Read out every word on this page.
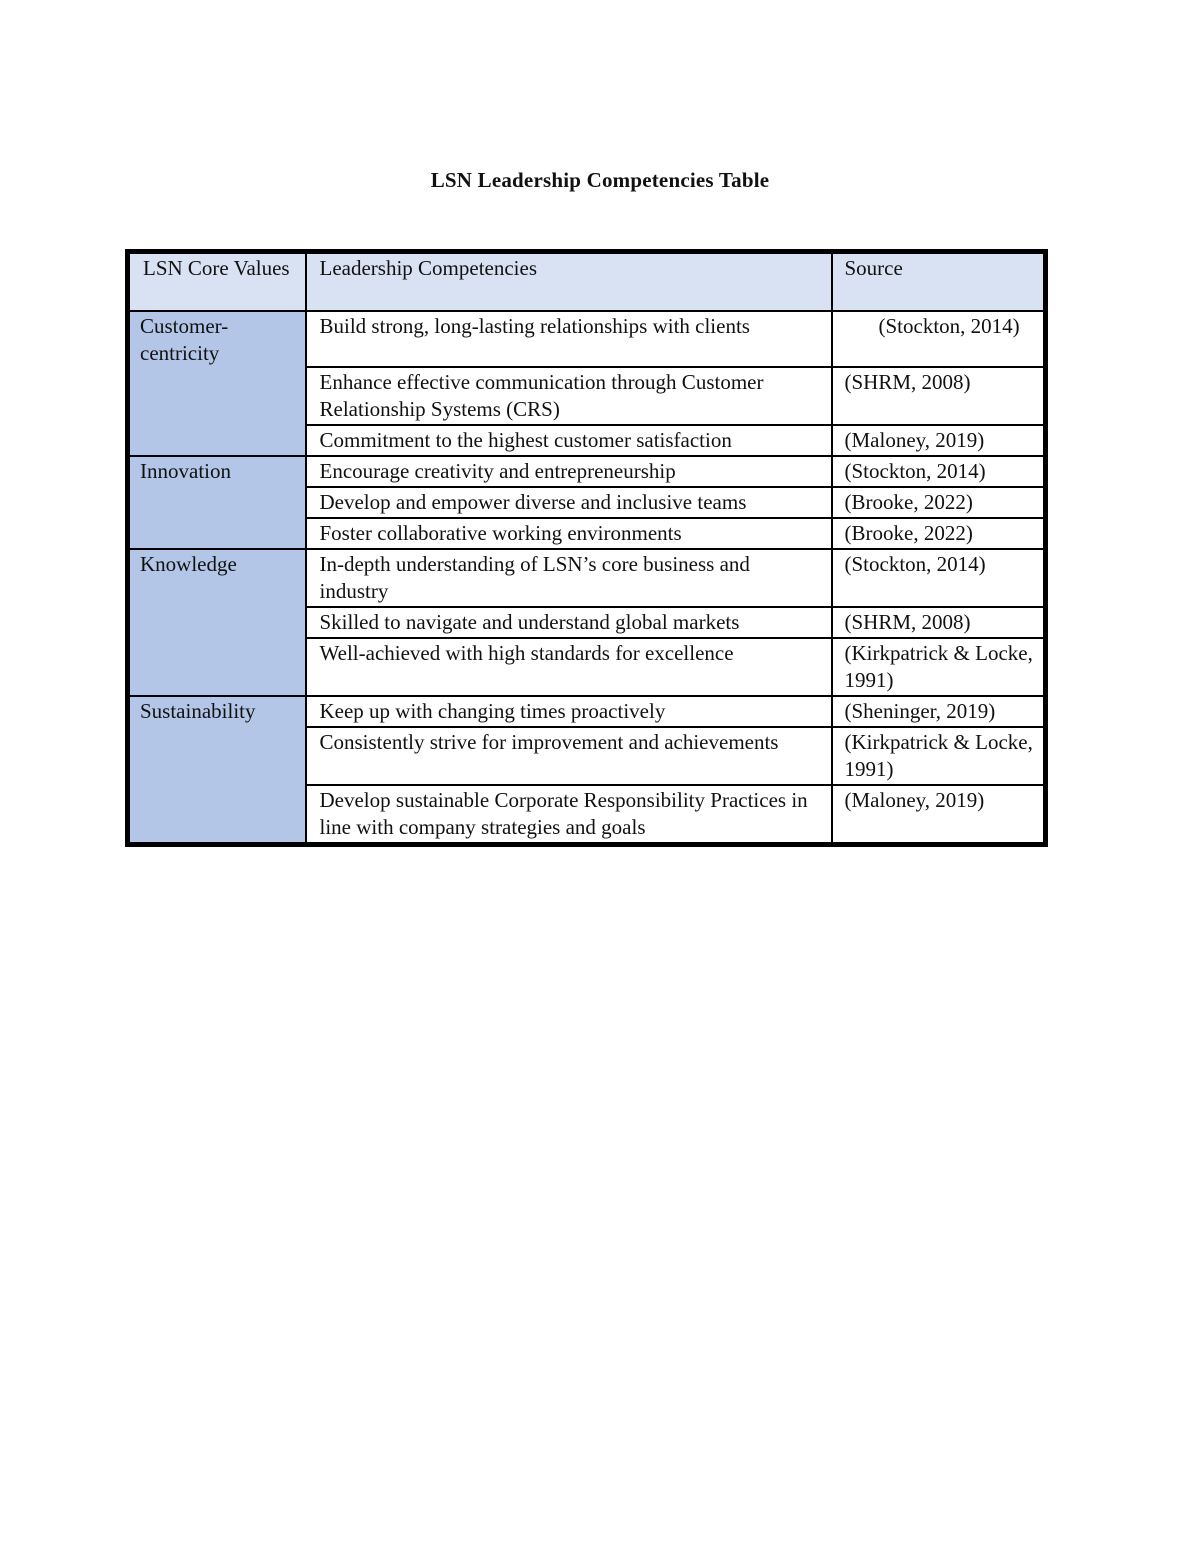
LSN Leadership Competencies Table
LSN Core Values	Leadership Competencies	Source
Customer-centricity	Build strong, long-lasting relationships with clients	(Stockton, 2014)
	Enhance effective communication through Customer Relationship Systems (CRS)	(SHRM, 2008)
	Commitment to the highest customer satisfaction	(Maloney, 2019)
Innovation	Encourage creativity and entrepreneurship	(Stockton, 2014)
	Develop and empower diverse and inclusive teams	(Brooke, 2022)
	Foster collaborative working environments	(Brooke, 2022)
Knowledge	In-depth understanding of LSN’s core business and industry	(Stockton, 2014)
	Skilled to navigate and understand global markets	(SHRM, 2008)
	Well-achieved with high standards for excellence	(Kirkpatrick & Locke, 1991)
Sustainability	Keep up with changing times proactively	(Sheninger, 2019)
	Consistently strive for improvement and achievements	(Kirkpatrick & Locke, 1991)
	Develop sustainable Corporate Responsibility Practices in line with company strategies and goals	(Maloney, 2019)
